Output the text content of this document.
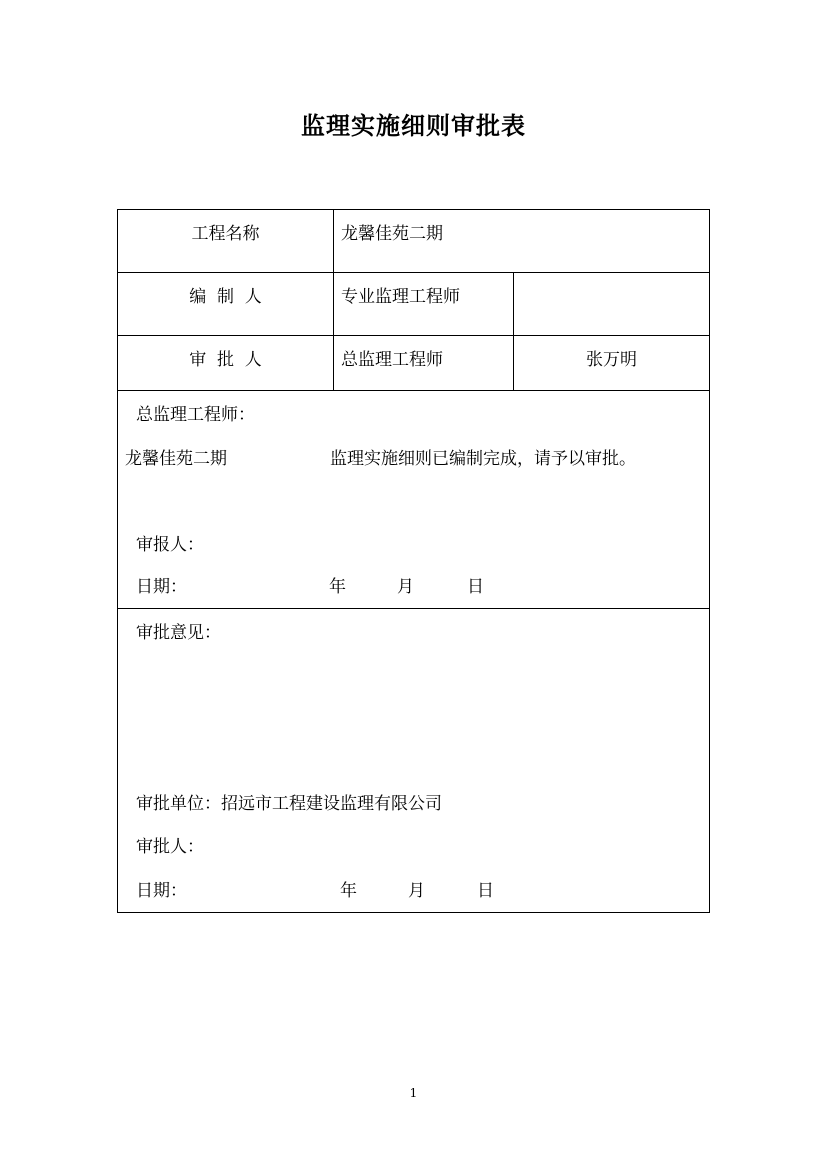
监理实施细则审批表
工程名称	龙馨佳苑二期
编  制  人	专业监理工程师
审  批  人	总监理工程师	张万明
总监理工程师：
龙馨佳苑二期	监理实施细则已编制完成，请予以审批。
审报人：
日期：	年	月	日
审批意见：
审批单位：招远市工程建设监理有限公司
审批人：
日期：	年	月	日
1
